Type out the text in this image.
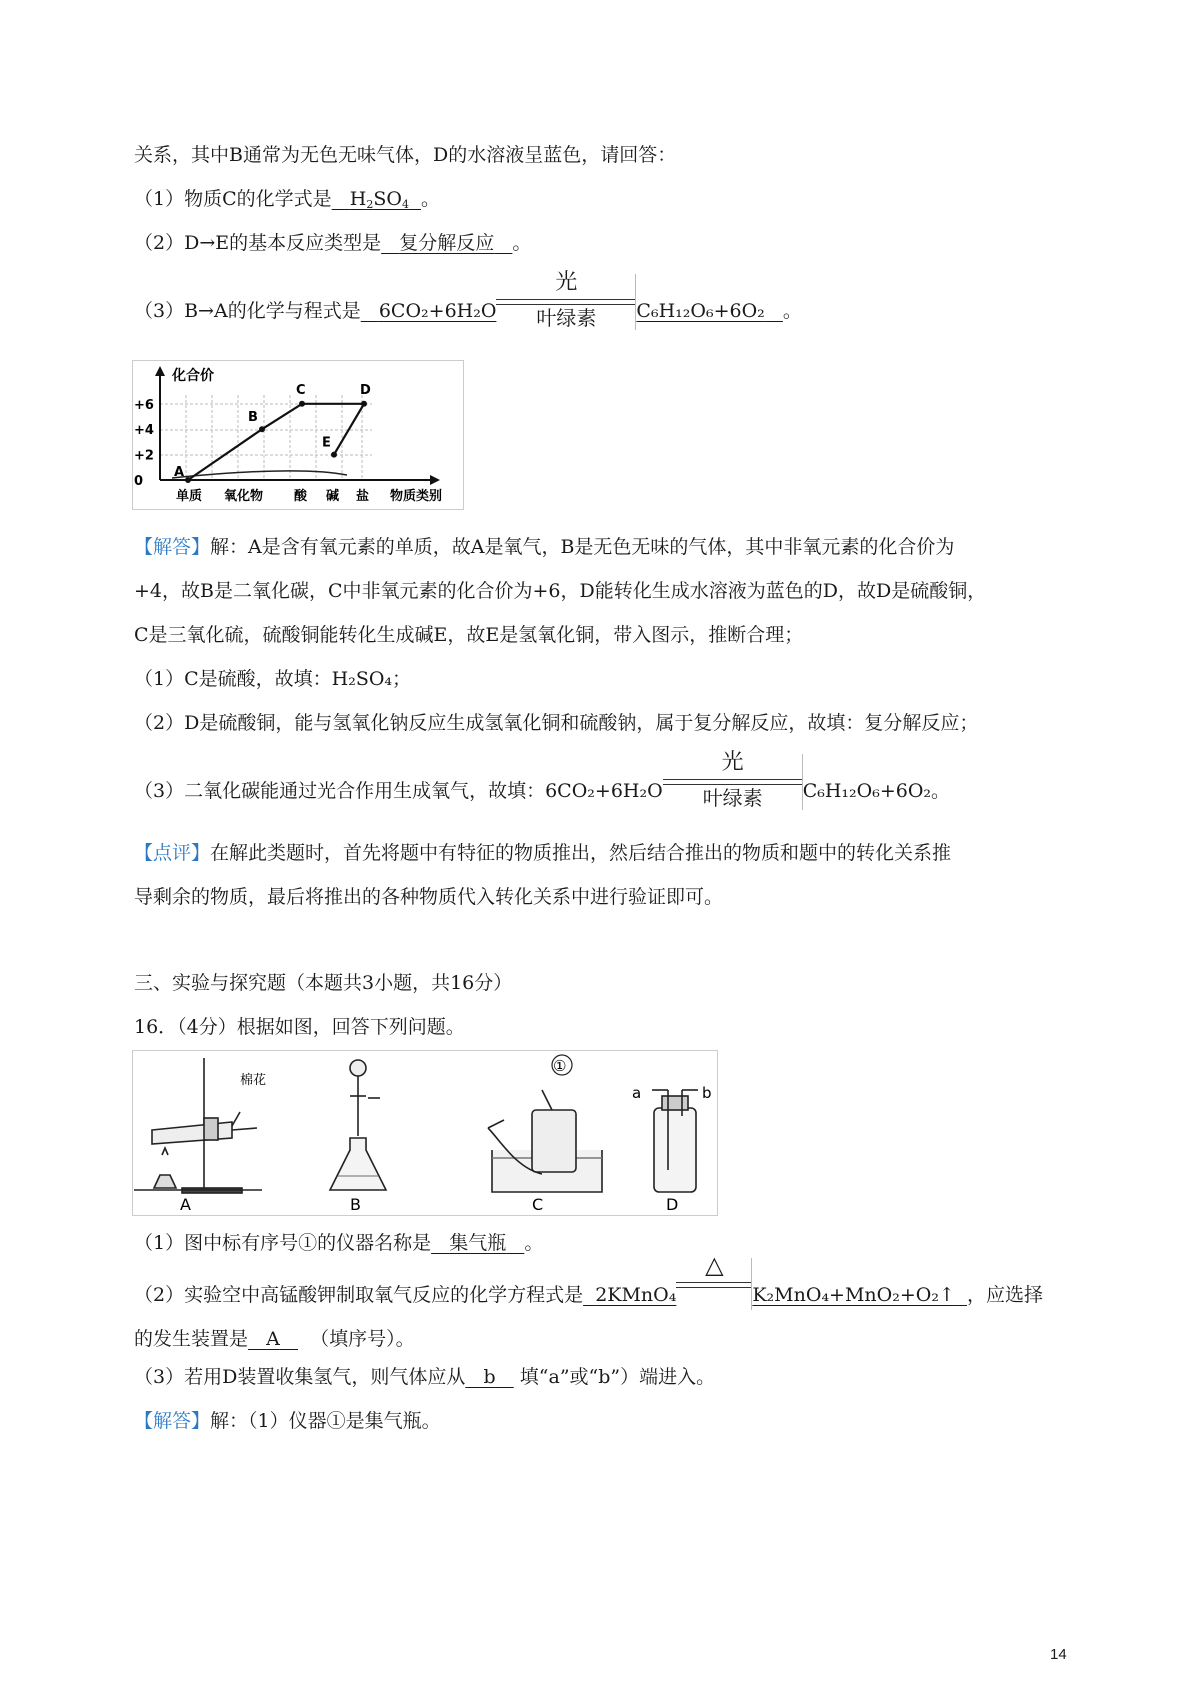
关系，其中B通常为无色无味气体，D的水溶液呈蓝色，请回答：
（1）物质C的化学式是 $H_2SO_4$ 。
（2）D→E的基本反应类型是 复分解反应 。
（3）B→A的化学与程式是 6CO₂+6H₂O
光
叶绿素	C₆H₁₂O₆+6O₂ 。
A
B
C	D
E
化合价
物质类别
+6
+4
+2
0
单质 氧化物 酸 碱 盐
【解答】解：A是含有氧元素的单质，故A是氧气，B是无色无味的气体，其中非氧元素的化合价为
+4，故B是二氧化碳，C中非氧元素的化合价为+6，D能转化生成水溶液为蓝色的D，故D是硫酸铜，
C是三氧化硫，硫酸铜能转化生成碱E，故E是氢氧化铜，带入图示，推断合理；
（1）C是硫酸，故填：H₂SO₄；
（2）D是硫酸铜，能与氢氧化钠反应生成氢氧化铜和硫酸钠，属于复分解反应，故填：复分解反应；
（3）二氧化碳能通过光合作用生成氧气，故填：6CO₂+6H₂O
光
叶绿素	C₆H₁₂O₆+6O₂。
【点评】在解此类题时，首先将题中有特征的物质推出，然后结合推出的物质和题中的转化关系推
导剩余的物质，最后将推出的各种物质代入转化关系中进行验证即可。
三、实验与探究题（本题共3小题，共16分）
16．（4分）根据如图，回答下列问题。
棉花
A	B
①
C
a	b
D
（1）图中标有序号①的仪器名称是 集气瓶 。
（2）实验空中高锰酸钾制取氧气反应的化学方程式是 2KMnO₄
△
K₂MnO₄+MnO₂+O₂↑ ，应选择
的发生装置是 A （填序号）。
（3）若用D装置收集氢气，则气体应从 b 填“a”或“b”）端进入。
【解答】解：（1）仪器①是集气瓶。
14
